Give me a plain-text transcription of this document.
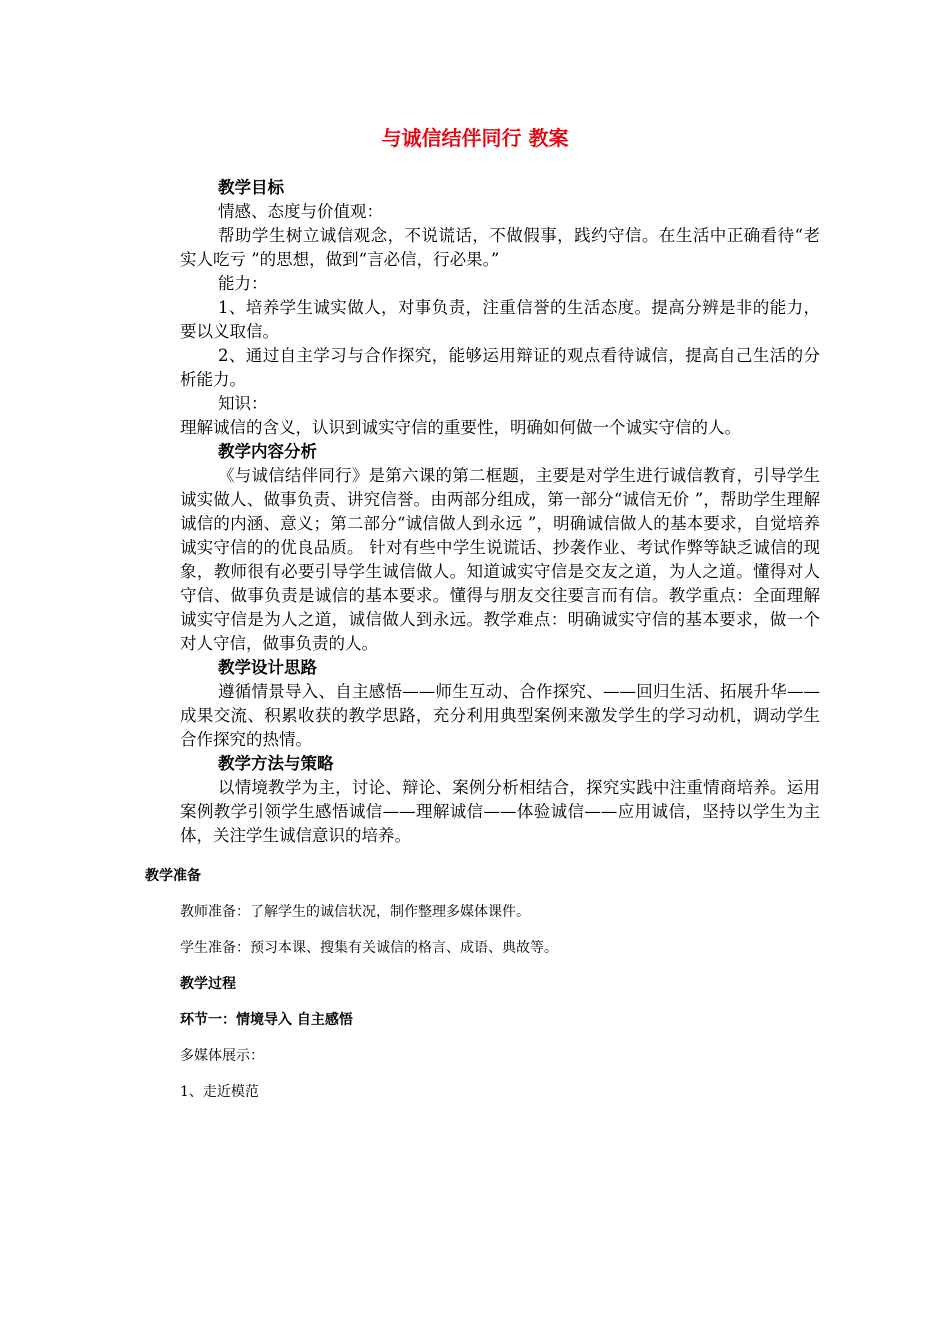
与诚信结伴同行 教案

教学目标

情感、态度与价值观：

帮助学生树立诚信观念，不说谎话，不做假事，践约守信。在生活中正确看待“老实人吃亏 ”的思想，做到“言必信，行必果。”

能力：

1、培养学生诚实做人，对事负责，注重信誉的生活态度。提高分辨是非的能力，要以义取信。

2、通过自主学习与合作探究，能够运用辩证的观点看待诚信，提高自己生活的分析能力。

知识：

理解诚信的含义，认识到诚实守信的重要性，明确如何做一个诚实守信的人。

教学内容分析

《与诚信结伴同行》是第六课的第二框题，主要是对学生进行诚信教育，引导学生诚实做人、做事负责、讲究信誉。由两部分组成，第一部分“诚信无价 ”，帮助学生理解诚信的内涵、意义；第二部分“诚信做人到永远 ”，明确诚信做人的基本要求，自觉培养诚实守信的的优良品质。 针对有些中学生说谎话、抄袭作业、考试作弊等缺乏诚信的现象，教师很有必要引导学生诚信做人。知道诚实守信是交友之道，为人之道。懂得对人守信、做事负责是诚信的基本要求。懂得与朋友交往要言而有信。教学重点：全面理解诚实守信是为人之道，诚信做人到永远。教学难点：明确诚实守信的基本要求，做一个对人守信，做事负责的人。

教学设计思路

遵循情景导入、自主感悟——师生互动、合作探究、——回归生活、拓展升华——成果交流、积累收获的教学思路，充分利用典型案例来激发学生的学习动机，调动学生合作探究的热情。

教学方法与策略

以情境教学为主，讨论、辩论、案例分析相结合，探究实践中注重情商培养。运用案例教学引领学生感悟诚信——理解诚信——体验诚信——应用诚信，坚持以学生为主体，关注学生诚信意识的培养。

教学准备

教师准备：了解学生的诚信状况，制作整理多媒体课件。

学生准备：预习本课、搜集有关诚信的格言、成语、典故等。

教学过程

环节一：情境导入 自主感悟

多媒体展示：

1、走近模范
